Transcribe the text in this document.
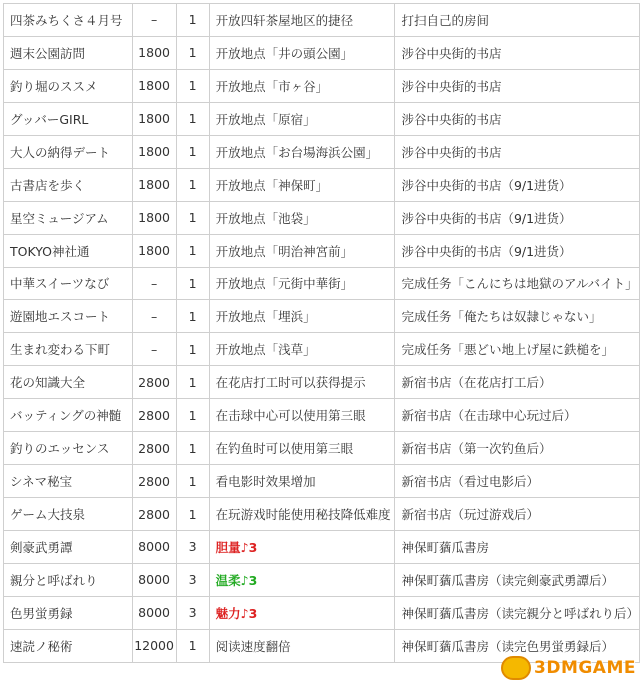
四茶みちくさ４月号	–	1	开放四轩茶屋地区的捷径	打扫自己的房间
週末公園訪問	1800	1	开放地点「井の頭公園」	涉谷中央街的书店
釣り堀のススメ	1800	1	开放地点「市ヶ谷」	涉谷中央街的书店
グッバーGIRL	1800	1	开放地点「原宿」	涉谷中央街的书店
大人の納得デート	1800	1	开放地点「お台場海浜公園」	涉谷中央街的书店
古書店を歩く	1800	1	开放地点「神保町」	涉谷中央街的书店（9/1进货）
星空ミュージアム	1800	1	开放地点「池袋」	涉谷中央街的书店（9/1进货）
TOKYO神社通	1800	1	开放地点「明治神宮前」	涉谷中央街的书店（9/1进货）
中華スイーツなび	–	1	开放地点「元街中華街」	完成任务「こんにちは地獄のアルバイト」
遊園地エスコート	–	1	开放地点「埋浜」	完成任务「俺たちは奴隷じゃない」
生まれ変わる下町	–	1	开放地点「浅草」	完成任务「悪どい地上げ屋に鉄槌を」
花の知識大全	2800	1	在花店打工时可以获得提示	新宿书店（在花店打工后）
バッティングの神髄	2800	1	在击球中心可以使用第三眼	新宿书店（在击球中心玩过后）
釣りのエッセンス	2800	1	在钓鱼时可以使用第三眼	新宿书店（第一次钓鱼后）
シネマ秘宝	2800	1	看电影时效果增加	新宿书店（看过电影后）
ゲーム大技泉	2800	1	在玩游戏时能使用秘技降低难度	新宿书店（玩过游戏后）
剣豪武勇譚	8000	3	胆量♪3	神保町蕕瓜書房
親分と呼ばれり	8000	3	温柔♪3	神保町蕕瓜書房（读完剣豪武勇譚后）
色男蛍勇録	8000	3	魅力♪3	神保町蕕瓜書房（读完親分と呼ばれり后）
速読ノ秘術	12000	1	阅读速度翻倍	神保町蕕瓜書房（读完色男蛍勇録后）
3DMGAME
